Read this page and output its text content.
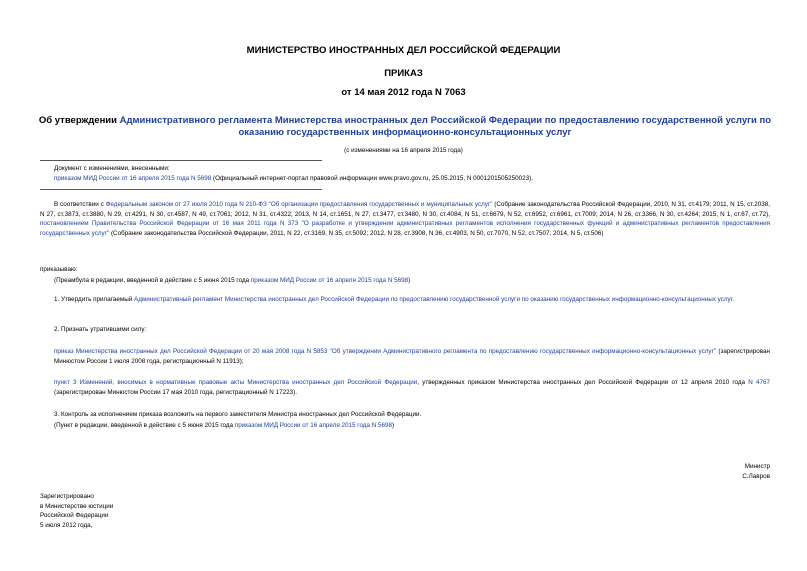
МИНИСТЕРСТВО ИНОСТРАННЫХ ДЕЛ РОССИЙСКОЙ ФЕДЕРАЦИИ
ПРИКАЗ
от 14 мая 2012 года N 7063
Об утверждении Административного регламента Министерства иностранных дел Российской Федерации по предоставлению государственной услуги по оказанию государственных информационно-консультационных услуг
(с изменениями на 16 апреля 2015 года)
Документ с изменениями, внесенными:
приказом МИД России от 16 апреля 2015 года N 5698 (Официальный интернет-портал правовой информации www.pravo.gov.ru, 25.05.2015, N 0001201505250023).
В соответствии с Федеральным законом от 27 июля 2010 года N 210-ФЗ "Об организации предоставления государственных и муниципальных услуг" (Собрание законодательства Российской Федерации, 2010, N 31, ст.4179; 2011, N 15, ст.2038, N 27, ст.3873, ст.3880, N 29, ст.4291, N 30, ст.4587, N 49, ст.7061; 2012, N 31, ст.4322; 2013, N 14, ст.1651, N 27, ст.3477, ст.3480, N 30, ст.4084, N 51, ст.6679, N 52, ст.6952, ст.6961, ст.7009; 2014, N 26, ст.3366, N 30, ст.4264; 2015, N 1, ст.67, ст.72), постановлением Правительства Российской Федерации от 16 мая 2011 года N 373 "О разработке и утверждении административных регламентов исполнения государственных функций и административных регламентов предоставления государственных услуг" (Собрание законодательства Российской Федерации, 2011, N 22, ст.3169, N 35, ст.5092; 2012, N 28, ст.3908, N 36, ст.4903, N 50, ст.7070, N 52, ст.7507; 2014, N 5, ст.506)
приказываю:
(Преамбула в редакции, введенной в действие с 5 июня 2015 года приказом МИД России от 16 апреля 2015 года N 5698)
1. Утвердить прилагаемый Административный регламент Министерства иностранных дел Российской Федерации по предоставлению государственной услуги по оказанию государственных информационно-консультационных услуг.
2. Признать утратившими силу:
приказ Министерства иностранных дел Российской Федерации от 20 мая 2008 года N 5853 "Об утверждении Административного регламента по предоставлению государственных информационно-консультационных услуг" (зарегистрирован Минюстом России 1 июля 2008 года, регистрационный N 11913);
пункт 3 Изменений, вносимых в нормативные правовые акты Министерства иностранных дел Российской Федерации, утвержденных приказом Министерства иностранных дел Российской Федерации от 12 апреля 2010 года N 4767 (зарегистрирован Минюстом России 17 мая 2010 года, регистрационный N 17223).
3. Контроль за исполнением приказа возложить на первого заместителя Министра иностранных дел Российской Федерации.
(Пункт в редакции, введенной в действие с 5 июня 2015 года приказом МИД России от 16 апреля 2015 года N 5698)
Министр
С.Лавров
Зарегистрировано
в Министерстве юстиции
Российской Федерации
5 июля 2012 года,
